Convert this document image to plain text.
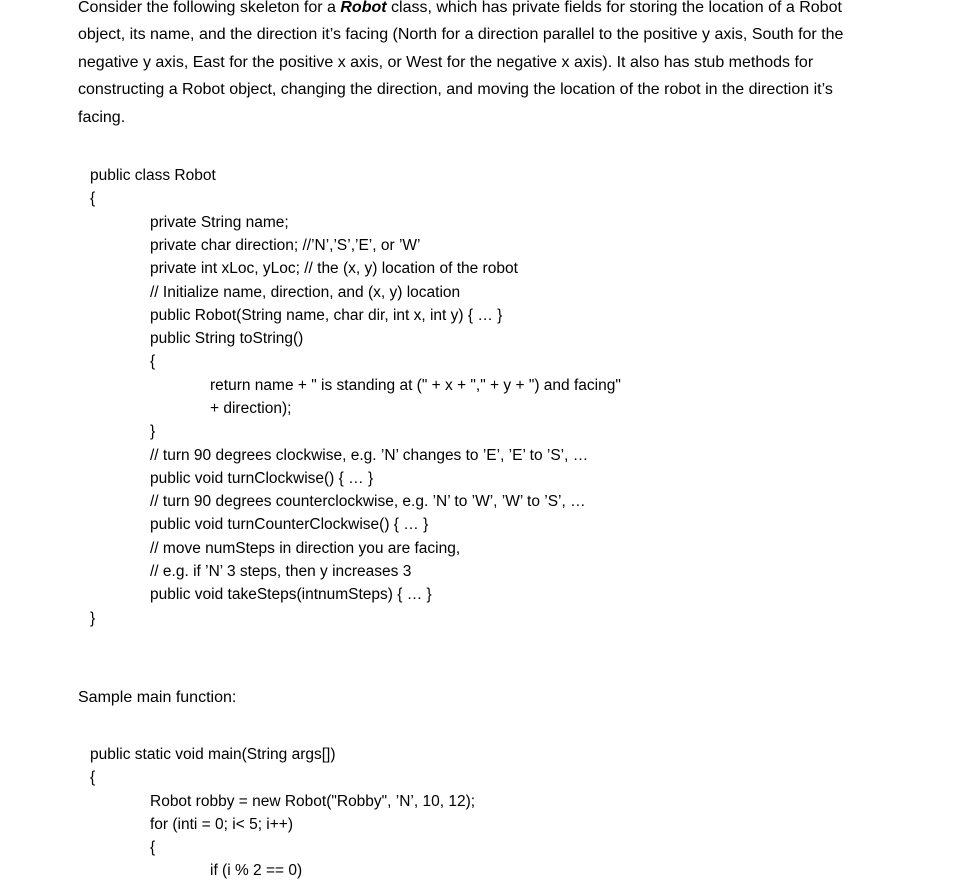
Consider the following skeleton for a Robot class, which has private fields for storing the location of a Robot object, its name, and the direction it’s facing (North for a direction parallel to the positive y axis, South for the negative y axis, East for the positive x axis, or West for the negative x axis). It also has stub methods for constructing a Robot object, changing the direction, and moving the location of the robot in the direction it’s facing.

public class Robot
{
private String name;
private char direction; //’N’,’S’,’E’, or ’W’
private int xLoc, yLoc; // the (x, y) location of the robot
// Initialize name, direction, and (x, y) location
public Robot(String name, char dir, int x, int y) { … }
public String toString()
{
return name + " is standing at (" + x + "," + y + ") and facing"
+ direction);
}
// turn 90 degrees clockwise, e.g. ’N’ changes to ’E’, ’E’ to ’S’, …
public void turnClockwise() { … }
// turn 90 degrees counterclockwise, e.g. ’N’ to ’W’, ’W’ to ’S’, …
public void turnCounterClockwise() { … }
// move numSteps in direction you are facing,
// e.g. if ’N’ 3 steps, then y increases 3
public void takeSteps(intnumSteps) { … }
}

Sample main function:

public static void main(String args[])
{
Robot robby = new Robot("Robby", ’N’, 10, 12);
for (inti = 0; i< 5; i++)
{
if (i % 2 == 0)
